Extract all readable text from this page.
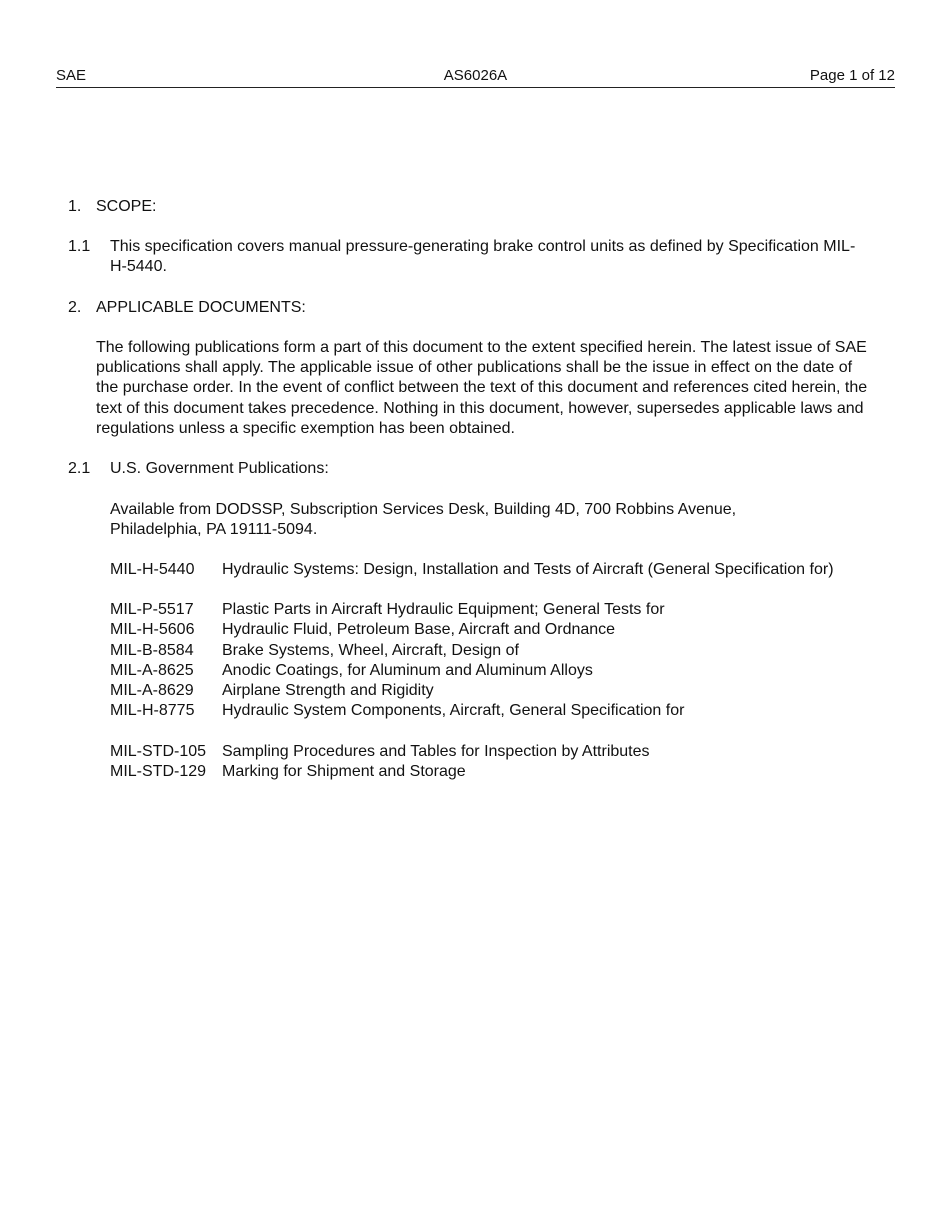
SAE	AS6026A	Page 1 of 12
1. SCOPE:
1.1 This specification covers manual pressure-generating brake control units as defined by Specification MIL-H-5440.
2. APPLICABLE DOCUMENTS:
The following publications form a part of this document to the extent specified herein. The latest issue of SAE publications shall apply. The applicable issue of other publications shall be the issue in effect on the date of the purchase order. In the event of conflict between the text of this document and references cited herein, the text of this document takes precedence. Nothing in this document, however, supersedes applicable laws and regulations unless a specific exemption has been obtained.
2.1 U.S. Government Publications:
Available from DODSSP, Subscription Services Desk, Building 4D, 700 Robbins Avenue, Philadelphia, PA 19111-5094.
MIL-H-5440 Hydraulic Systems: Design, Installation and Tests of Aircraft (General Specification for)
MIL-P-5517 Plastic Parts in Aircraft Hydraulic Equipment; General Tests for
MIL-H-5606 Hydraulic Fluid, Petroleum Base, Aircraft and Ordnance
MIL-B-8584 Brake Systems, Wheel, Aircraft, Design of
MIL-A-8625 Anodic Coatings, for Aluminum and Aluminum Alloys
MIL-A-8629 Airplane Strength and Rigidity
MIL-H-8775 Hydraulic System Components, Aircraft, General Specification for
MIL-STD-105 Sampling Procedures and Tables for Inspection by Attributes
MIL-STD-129 Marking for Shipment and Storage
